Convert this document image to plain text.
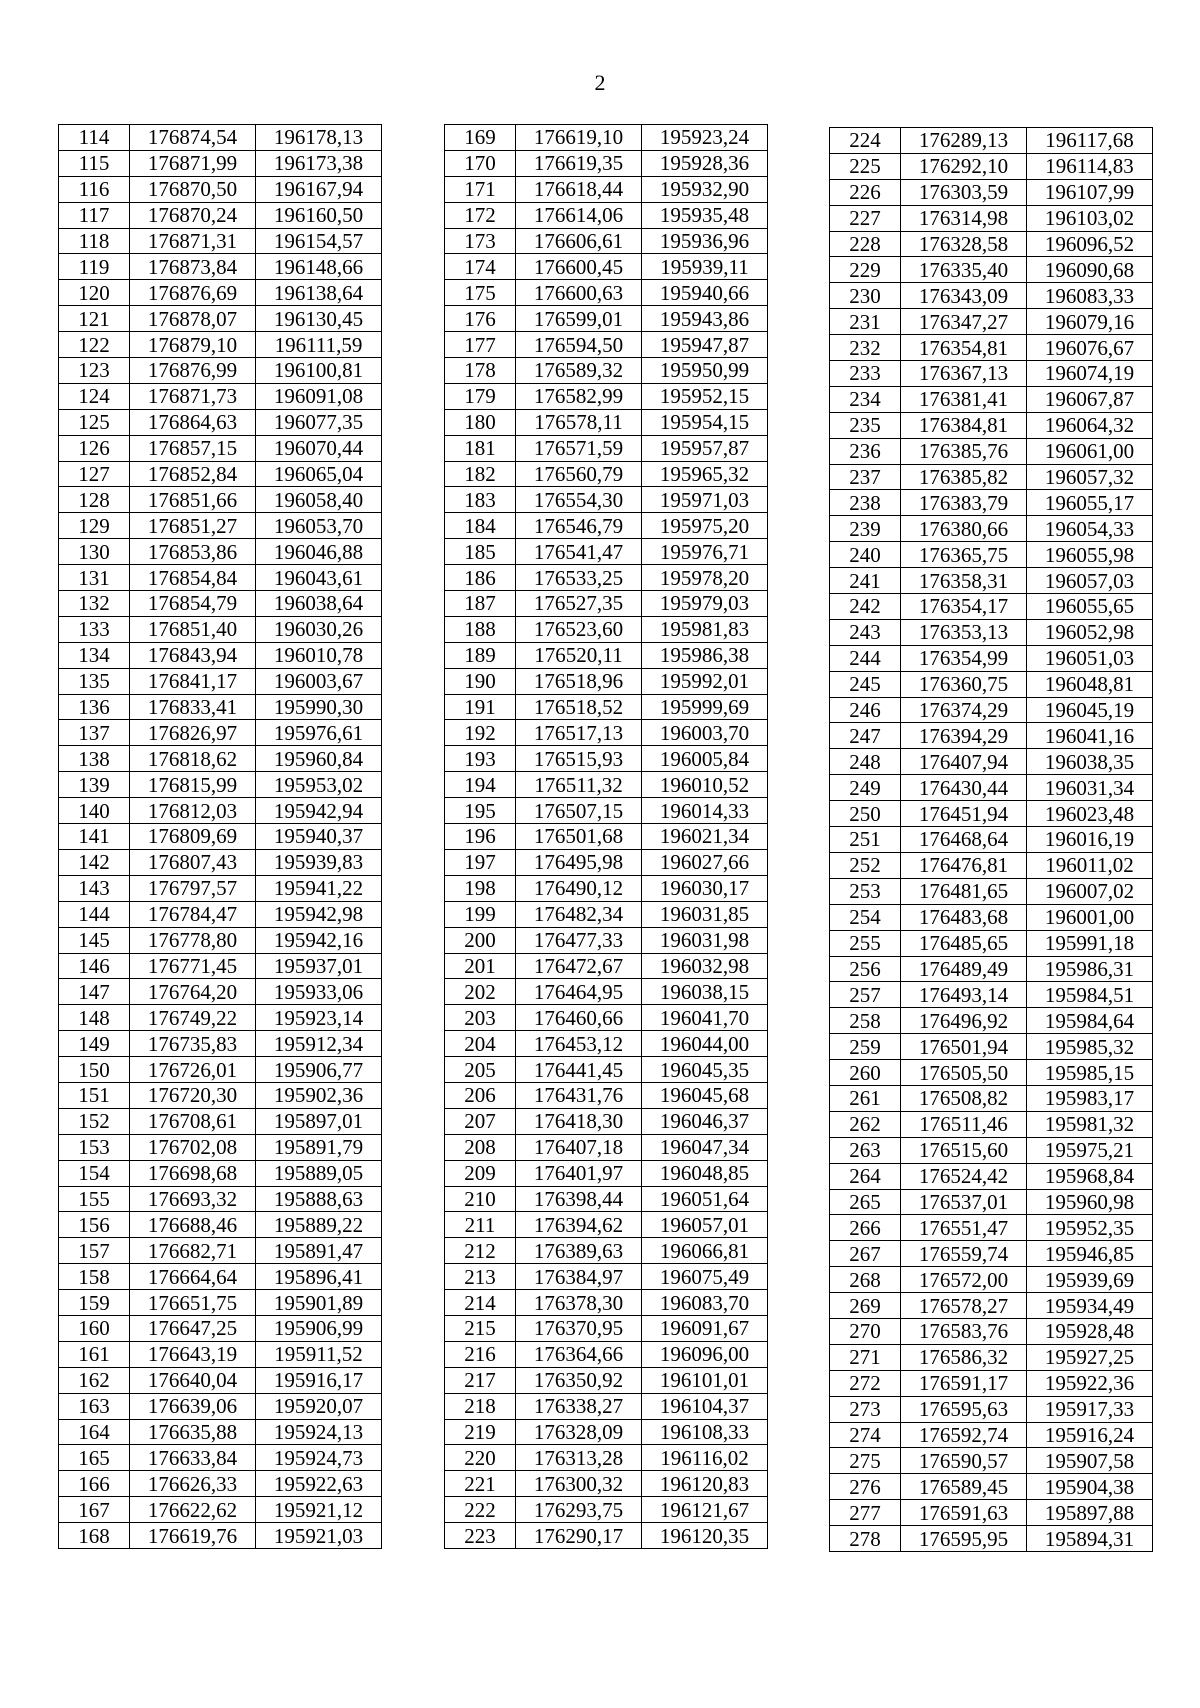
2
114	176874,54	196178,13
115	176871,99	196173,38
116	176870,50	196167,94
117	176870,24	196160,50
118	176871,31	196154,57
119	176873,84	196148,66
120	176876,69	196138,64
121	176878,07	196130,45
122	176879,10	196111,59
123	176876,99	196100,81
124	176871,73	196091,08
125	176864,63	196077,35
126	176857,15	196070,44
127	176852,84	196065,04
128	176851,66	196058,40
129	176851,27	196053,70
130	176853,86	196046,88
131	176854,84	196043,61
132	176854,79	196038,64
133	176851,40	196030,26
134	176843,94	196010,78
135	176841,17	196003,67
136	176833,41	195990,30
137	176826,97	195976,61
138	176818,62	195960,84
139	176815,99	195953,02
140	176812,03	195942,94
141	176809,69	195940,37
142	176807,43	195939,83
143	176797,57	195941,22
144	176784,47	195942,98
145	176778,80	195942,16
146	176771,45	195937,01
147	176764,20	195933,06
148	176749,22	195923,14
149	176735,83	195912,34
150	176726,01	195906,77
151	176720,30	195902,36
152	176708,61	195897,01
153	176702,08	195891,79
154	176698,68	195889,05
155	176693,32	195888,63
156	176688,46	195889,22
157	176682,71	195891,47
158	176664,64	195896,41
159	176651,75	195901,89
160	176647,25	195906,99
161	176643,19	195911,52
162	176640,04	195916,17
163	176639,06	195920,07
164	176635,88	195924,13
165	176633,84	195924,73
166	176626,33	195922,63
167	176622,62	195921,12
168	176619,76	195921,03
169	176619,10	195923,24
170	176619,35	195928,36
171	176618,44	195932,90
172	176614,06	195935,48
173	176606,61	195936,96
174	176600,45	195939,11
175	176600,63	195940,66
176	176599,01	195943,86
177	176594,50	195947,87
178	176589,32	195950,99
179	176582,99	195952,15
180	176578,11	195954,15
181	176571,59	195957,87
182	176560,79	195965,32
183	176554,30	195971,03
184	176546,79	195975,20
185	176541,47	195976,71
186	176533,25	195978,20
187	176527,35	195979,03
188	176523,60	195981,83
189	176520,11	195986,38
190	176518,96	195992,01
191	176518,52	195999,69
192	176517,13	196003,70
193	176515,93	196005,84
194	176511,32	196010,52
195	176507,15	196014,33
196	176501,68	196021,34
197	176495,98	196027,66
198	176490,12	196030,17
199	176482,34	196031,85
200	176477,33	196031,98
201	176472,67	196032,98
202	176464,95	196038,15
203	176460,66	196041,70
204	176453,12	196044,00
205	176441,45	196045,35
206	176431,76	196045,68
207	176418,30	196046,37
208	176407,18	196047,34
209	176401,97	196048,85
210	176398,44	196051,64
211	176394,62	196057,01
212	176389,63	196066,81
213	176384,97	196075,49
214	176378,30	196083,70
215	176370,95	196091,67
216	176364,66	196096,00
217	176350,92	196101,01
218	176338,27	196104,37
219	176328,09	196108,33
220	176313,28	196116,02
221	176300,32	196120,83
222	176293,75	196121,67
223	176290,17	196120,35
224	176289,13	196117,68
225	176292,10	196114,83
226	176303,59	196107,99
227	176314,98	196103,02
228	176328,58	196096,52
229	176335,40	196090,68
230	176343,09	196083,33
231	176347,27	196079,16
232	176354,81	196076,67
233	176367,13	196074,19
234	176381,41	196067,87
235	176384,81	196064,32
236	176385,76	196061,00
237	176385,82	196057,32
238	176383,79	196055,17
239	176380,66	196054,33
240	176365,75	196055,98
241	176358,31	196057,03
242	176354,17	196055,65
243	176353,13	196052,98
244	176354,99	196051,03
245	176360,75	196048,81
246	176374,29	196045,19
247	176394,29	196041,16
248	176407,94	196038,35
249	176430,44	196031,34
250	176451,94	196023,48
251	176468,64	196016,19
252	176476,81	196011,02
253	176481,65	196007,02
254	176483,68	196001,00
255	176485,65	195991,18
256	176489,49	195986,31
257	176493,14	195984,51
258	176496,92	195984,64
259	176501,94	195985,32
260	176505,50	195985,15
261	176508,82	195983,17
262	176511,46	195981,32
263	176515,60	195975,21
264	176524,42	195968,84
265	176537,01	195960,98
266	176551,47	195952,35
267	176559,74	195946,85
268	176572,00	195939,69
269	176578,27	195934,49
270	176583,76	195928,48
271	176586,32	195927,25
272	176591,17	195922,36
273	176595,63	195917,33
274	176592,74	195916,24
275	176590,57	195907,58
276	176589,45	195904,38
277	176591,63	195897,88
278	176595,95	195894,31
